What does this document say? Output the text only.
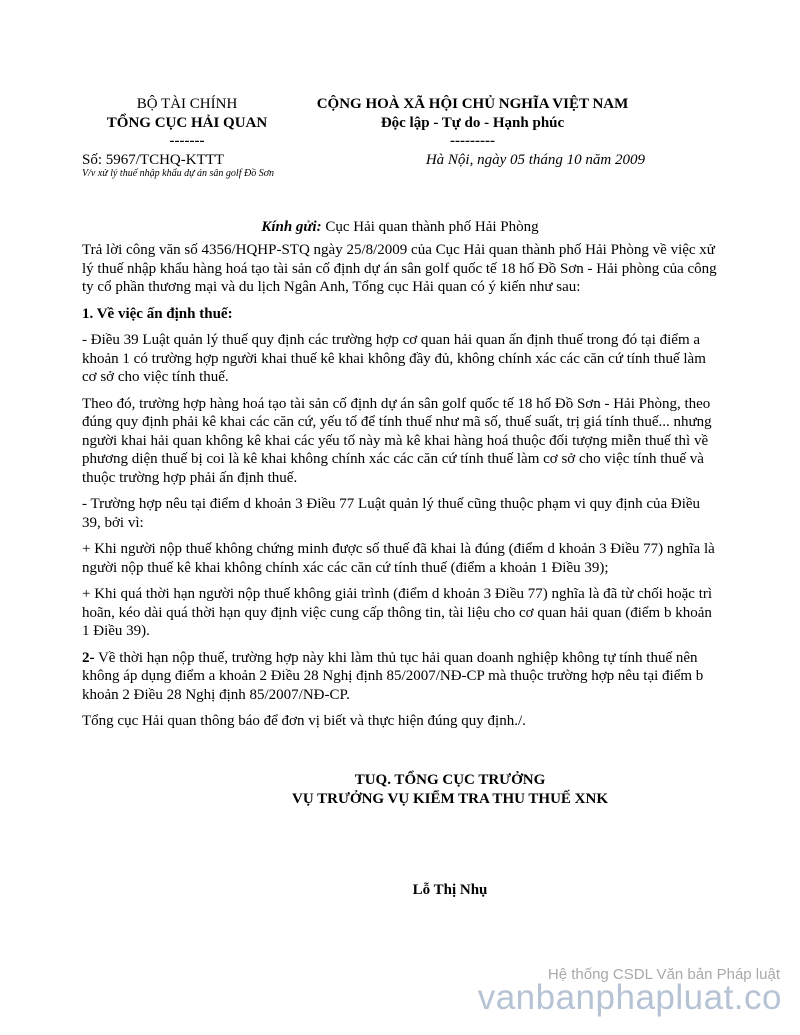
BỘ TÀI CHÍNH
TỔNG CỤC HẢI QUAN
-------
CỘNG HOÀ XÃ HỘI CHỦ NGHĨA VIỆT NAM
Độc lập - Tự do - Hạnh phúc
---------
Số: 5967/TCHQ-KTTT
V/v xử lý thuế nhập khẩu dự án sân golf Đồ Sơn
Hà Nội, ngày 05 tháng 10 năm 2009
Kính gửi: Cục Hải quan thành phố Hải Phòng

Trả lời công văn số 4356/HQHP-STQ ngày 25/8/2009 của Cục Hải quan thành phố Hải Phòng về việc xử lý thuế nhập khẩu hàng hoá tạo tài sản cố định dự án sân golf quốc tế 18 hố Đồ Sơn - Hải phòng của công ty cổ phần thương mại và du lịch Ngân Anh, Tổng cục Hải quan có ý kiến như sau:

1. Về việc ấn định thuế:

- Điều 39 Luật quản lý thuế quy định các trường hợp cơ quan hải quan ấn định thuế trong đó tại điểm a khoản 1 có trường hợp người khai thuế kê khai không đầy đủ, không chính xác các căn cứ tính thuế làm cơ sở cho việc tính thuế.

Theo đó, trường hợp hàng hoá tạo tài sản cố định dự án sân golf quốc tế 18 hố Đồ Sơn - Hải Phòng, theo đúng quy định phải kê khai các căn cứ, yếu tố để tính thuế như mã số, thuế suất, trị giá tính thuế... nhưng người khai hải quan không kê khai các yếu tố này mà kê khai hàng hoá thuộc đối tượng miễn thuế thì về phương diện thuế bị coi là kê khai không chính xác các căn cứ tính thuế làm cơ sở cho việc tính thuế và thuộc trường hợp phải ấn định thuế.

- Trường hợp nêu tại điểm d khoản 3 Điều 77 Luật quản lý thuế cũng thuộc phạm vi quy định của Điều 39, bởi vì:

+ Khi người nộp thuế không chứng minh được số thuế đã khai là đúng (điểm d khoản 3 Điều 77) nghĩa là người nộp thuế kê khai không chính xác các căn cứ tính thuế (điểm a khoản 1 Điều 39);

+ Khi quá thời hạn người nộp thuế không giải trình (điểm d khoản 3 Điều 77) nghĩa là đã từ chối hoặc trì hoãn, kéo dài quá thời hạn quy định việc cung cấp thông tin, tài liệu cho cơ quan hải quan (điểm b khoản 1 Điều 39).

2- Về thời hạn nộp thuế, trường hợp này khi làm thủ tục hải quan doanh nghiệp không tự tính thuế nên không áp dụng điểm a khoản 2 Điều 28 Nghị định 85/2007/NĐ-CP mà thuộc trường hợp nêu tại điểm b khoản 2 Điều 28 Nghị định 85/2007/NĐ-CP.

Tổng cục Hải quan thông báo để đơn vị biết và thực hiện đúng quy định./.

TUQ. TỔNG CỤC TRƯỞNG
VỤ TRƯỞNG VỤ KIỂM TRA THU THUẾ XNK
Lỗ Thị Nhụ
Hệ thống CSDL Văn bản Pháp luật
vanbanphapluat.co
